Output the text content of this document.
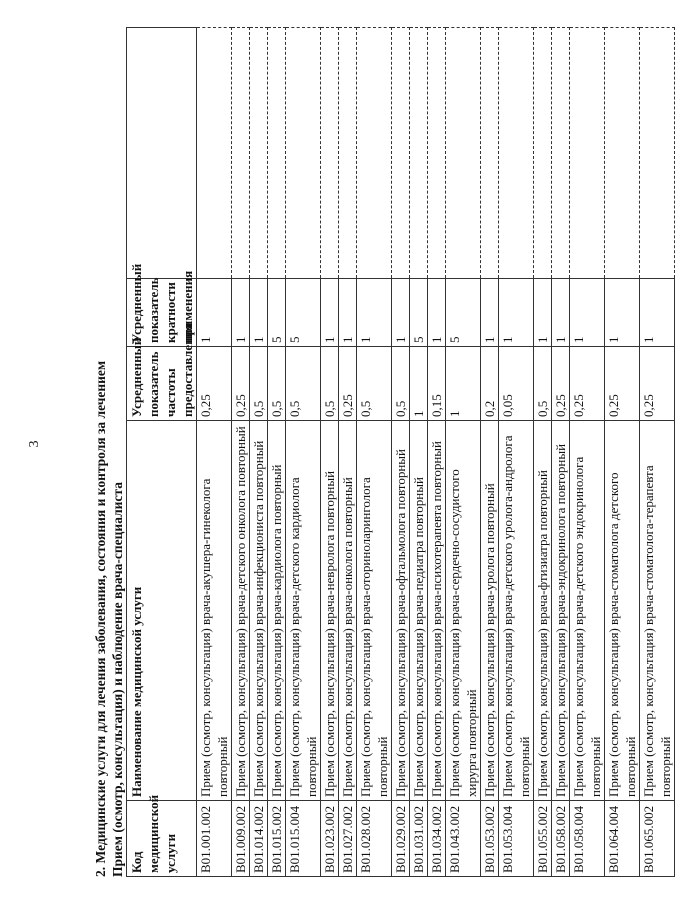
3	2. Медицинские услуги для лечения заболевания, состояния и контроля за лечением Прием (осмотр, консультация) и наблюдение врача-специалиста Код медицинской услуги	Наименование медицинской услуги	Усредненный показатель частоты предоставления	Усредненный показатель кратности применения	
B01.001.002	Прием (осмотр, консультация) врача-акушера-гинеколога повторный	0,25	1	
B01.009.002	Прием (осмотр, консультация) врача-детского онколога повторный	0,25	1	
B01.014.002	Прием (осмотр, консультация) врача-инфекциониста повторный	0,5	1	
B01.015.002	Прием (осмотр, консультация) врача-кардиолога повторный	0,5	5	
B01.015.004	Прием (осмотр, консультация) врача-детского кардиолога повторный	0,5	5	
B01.023.002	Прием (осмотр, консультация) врача-невролога повторный	0,5	1	
B01.027.002	Прием (осмотр, консультация) врача-онколога повторный	0,25	1	
B01.028.002	Прием (осмотр, консультация) врача-оториноларинголога повторный	0,5	1	
B01.029.002	Прием (осмотр, консультация) врача-офтальмолога повторный	0,5	1	
B01.031.002	Прием (осмотр, консультация) врача-педиатра повторный	1	5	
B01.034.002	Прием (осмотр, консультация) врача-психотерапевта повторный	0,15	1	
B01.043.002	Прием (осмотр, консультация) врача-сердечно-сосудистого хирурга повторный	1	5	
B01.053.002	Прием (осмотр, консультация) врача-уролога повторный	0,2	1	
B01.053.004	Прием (осмотр, консультация) врача-детского уролога-андролога повторный	0,05	1	
B01.055.002	Прием (осмотр, консультация) врача-фтизиатра повторный	0,5	1	
B01.058.002	Прием (осмотр, консультация) врача-эндокринолога повторный	0,25	1	
B01.058.004	Прием (осмотр, консультация) врача-детского эндокринолога повторный	0,25	1	
B01.064.004	Прием (осмотр, консультация) врача-стоматолога детского повторный	0,25	1	
B01.065.002	Прием (осмотр, консультация) врача-стоматолога-терапевта повторный	0,25	1	
